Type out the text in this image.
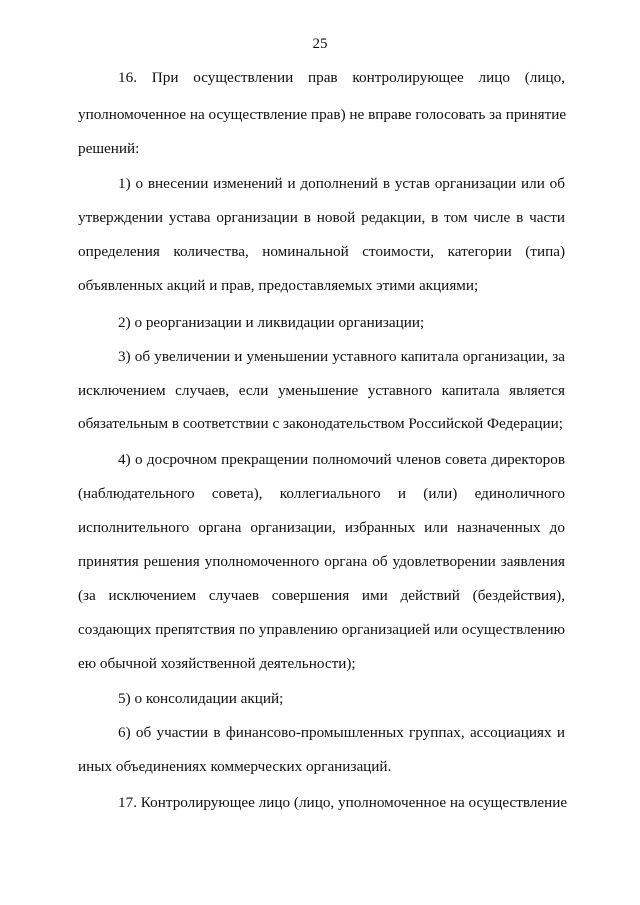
25
16. При осуществлении прав контролирующее лицо (лицо,
уполномоченное на осуществление прав) не вправе голосовать за принятие
решений:
1) о внесении изменений и дополнений в устав организации или об
утверждении устава организации в новой редакции, в том числе в части
определения количества, номинальной стоимости, категории (типа)
объявленных акций и прав, предоставляемых этими акциями;
2) о реорганизации и ликвидации организации;
3) об увеличении и уменьшении уставного капитала организации, за
исключением случаев, если уменьшение уставного капитала является
обязательным в соответствии с законодательством Российской Федерации;
4) о досрочном прекращении полномочий членов совета директоров
(наблюдательного совета), коллегиального и (или) единоличного
исполнительного органа организации, избранных или назначенных до
принятия решения уполномоченного органа об удовлетворении заявления
(за исключением случаев совершения ими действий (бездействия),
создающих препятствия по управлению организацией или осуществлению
ею обычной хозяйственной деятельности);
5) о консолидации акций;
6) об участии в финансово-промышленных группах, ассоциациях и
иных объединениях коммерческих организаций.
17. Контролирующее лицо (лицо, уполномоченное на осуществление
